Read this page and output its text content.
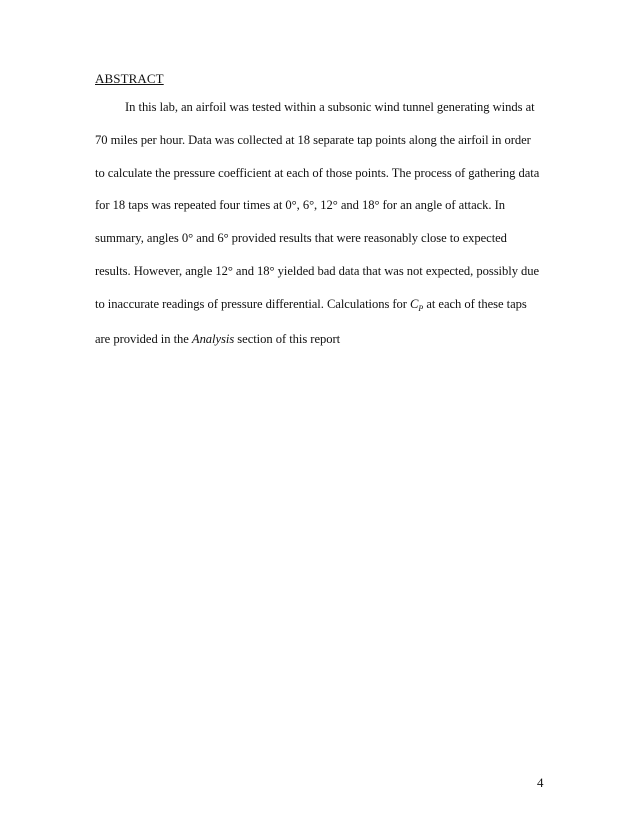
ABSTRACT
In this lab, an airfoil was tested within a subsonic wind tunnel generating winds at
70 miles per hour. Data was collected at 18 separate tap points along the airfoil in order
to calculate the pressure coefficient at each of those points. The process of gathering data
for 18 taps was repeated four times at 0°, 6°, 12° and 18° for an angle of attack. In
summary, angles 0° and 6° provided results that were reasonably close to expected
results. However, angle 12° and 18° yielded bad data that was not expected, possibly due
to inaccurate readings of pressure differential. Calculations for $C_P$ at each of these taps
are provided in the Analysis section of this report
4
